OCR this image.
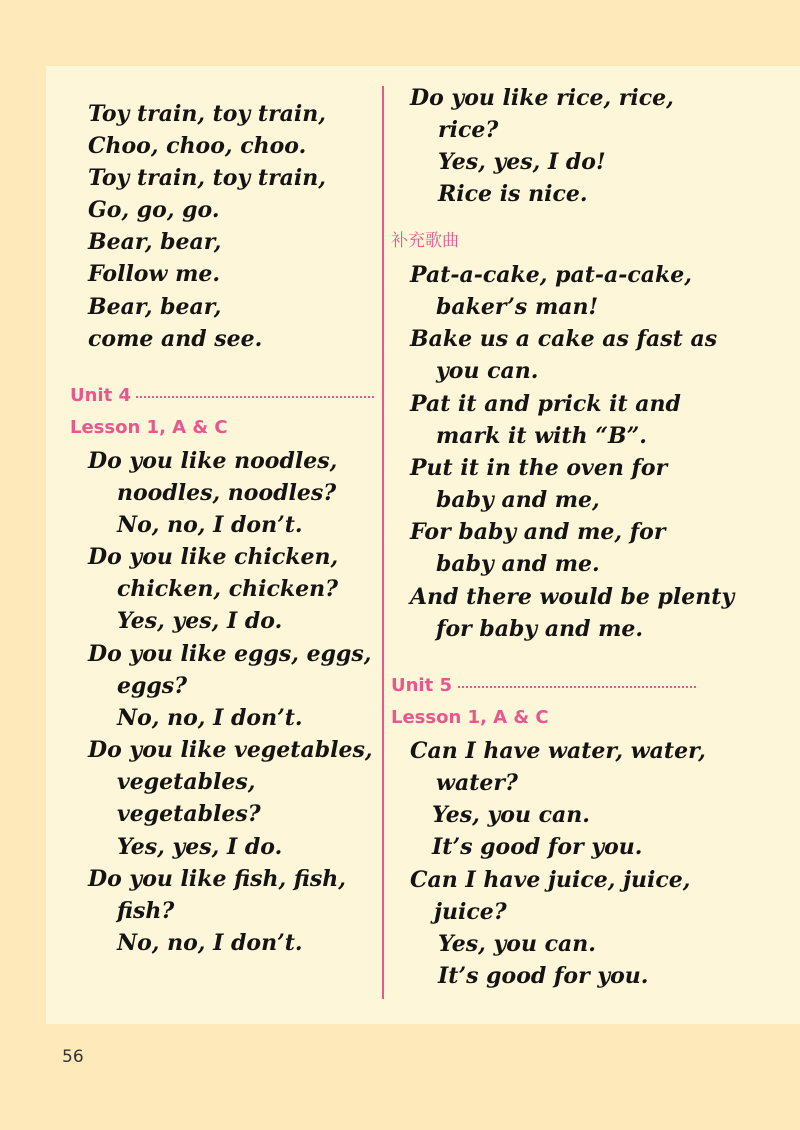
Toy train, toy train,
Choo, choo, choo.
Toy train, toy train,
Go, go, go.
Bear, bear,
Follow me.
Bear, bear,
come and see.
Unit 4
Lesson 1, A & C
Do you like noodles,
noodles, noodles?
No, no, I don’t.
Do you like chicken,
chicken, chicken?
Yes, yes, I do.
Do you like eggs, eggs,
eggs?
No, no, I don’t.
Do you like vegetables,
vegetables,
vegetables?
Yes, yes, I do.
Do you like fish, fish,
fish?
No, no, I don’t.
Do you like rice, rice,
rice?
Yes, yes, I do!
Rice is nice.
补充歌曲
Pat-a-cake, pat-a-cake,
baker’s man!
Bake us a cake as fast as
you can.
Pat it and prick it and
mark it with “B”.
Put it in the oven for
baby and me,
For baby and me, for
baby and me.
And there would be plenty
for baby and me.
Unit 5
Lesson 1, A & C
Can I have water, water,
water?
Yes, you can.
It’s good for you.
Can I have juice, juice,
juice?
Yes, you can.
It’s good for you.
56
